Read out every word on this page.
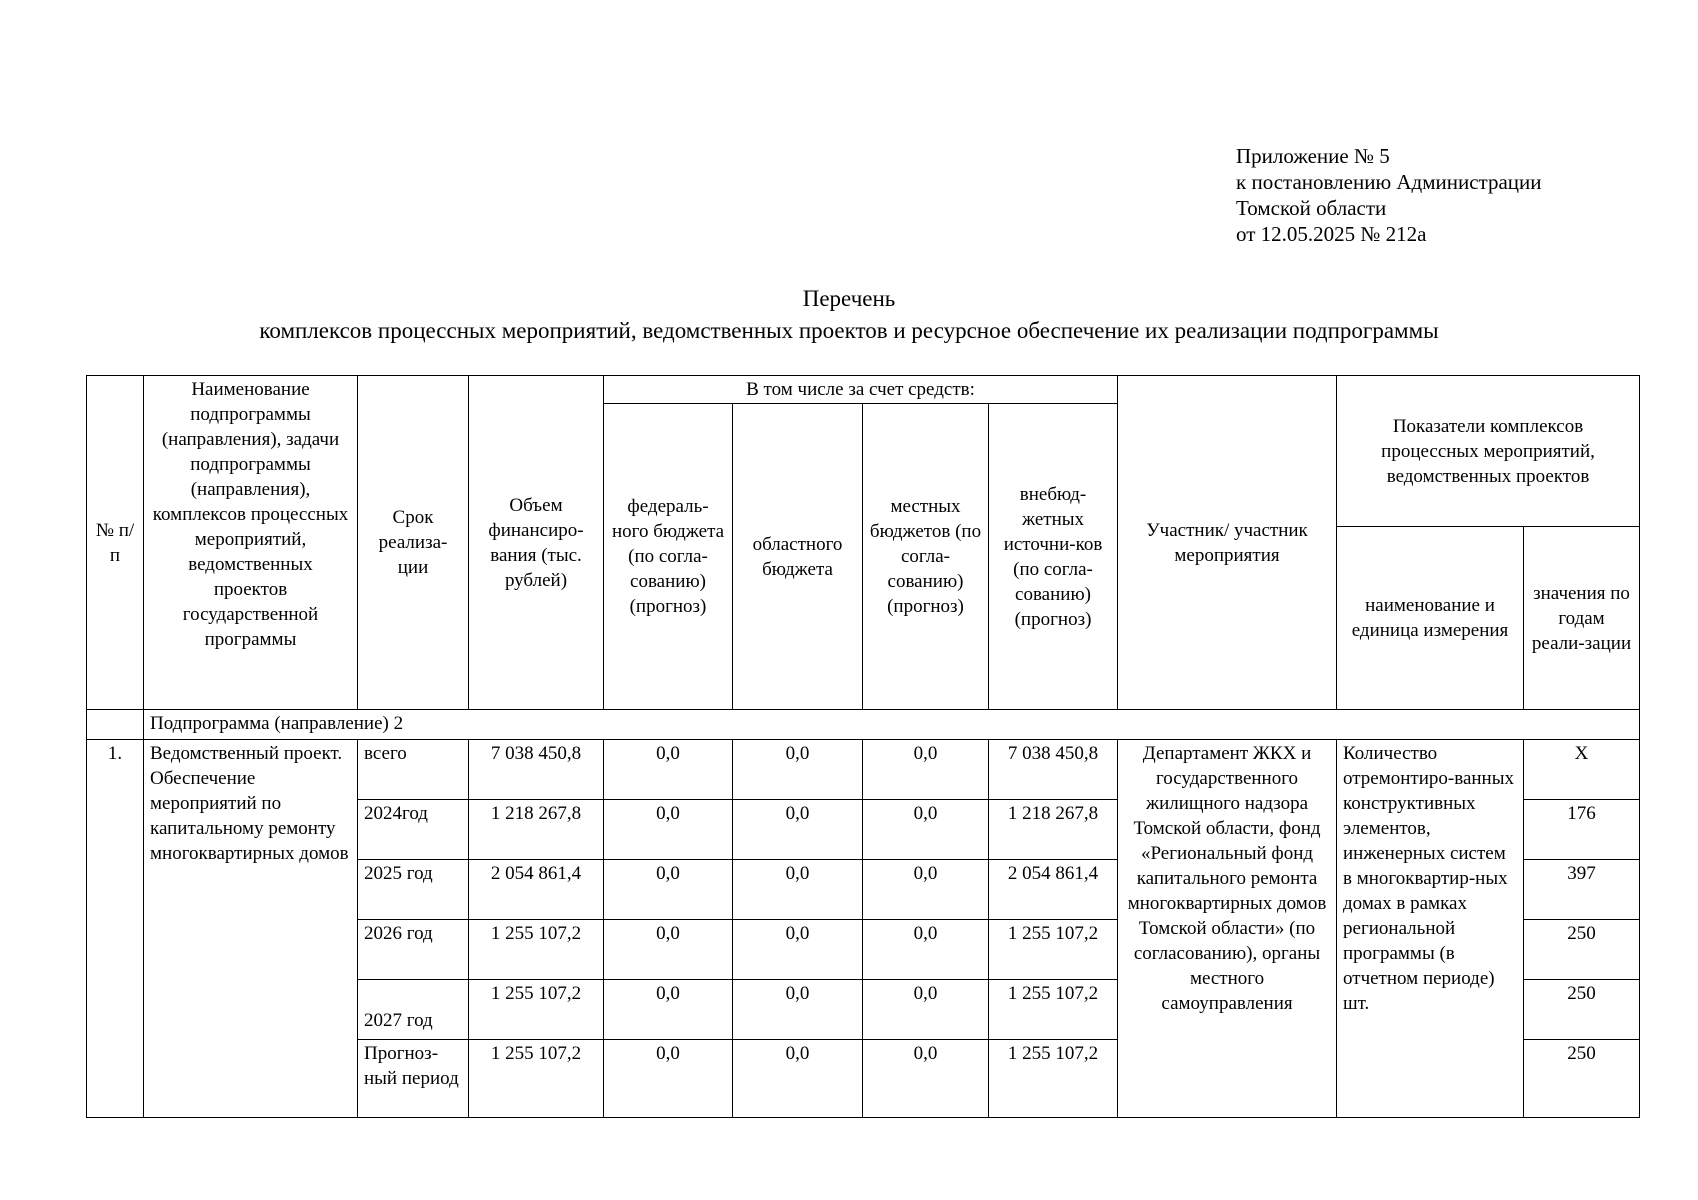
Приложение № 5
к постановлению Администрации
Томской области
от 12.05.2025 № 212а
Перечень
комплексов процессных мероприятий, ведомственных проектов и ресурсное обеспечение их реализации подпрограммы
№ п/п	Наименование подпрограммы (направления), задачи подпрограммы (направления), комплексов процессных мероприятий, ведомственных проектов государственной программы	Срок реализа-ции	Объем финансиро-вания (тыс. рублей)	В том числе за счет средств:				Участник/ участник мероприятия	Показатели комплексов процессных мероприятий, ведомственных проектов	
				федераль-ного бюджета (по согла-сованию) (прогноз)	областного бюджета	местных бюджетов (по согла-сованию) (прогноз)	внебюд-жетных источни-ков (по согла-сованию) (прогноз)			
									наименование и единица измерения	значения по годам реали-зации
	Подпрограмма (направление) 2									
1.	Ведомственный проект. Обеспечение мероприятий по капитальному ремонту многоквартирных домов	всего	7 038 450,8	0,0	0,0	0,0	7 038 450,8	Департамент ЖКХ и государственного жилищного надзора Томской области, фонд «Региональный фонд капитального ремонта многоквартирных домов Томской области» (по согласованию), органы местного самоуправления	Количество отремонтиро-ванных конструктивных элементов, инженерных систем в многоквартир-ных домах в рамках региональной программы (в отчетном периоде) шт.	Х
		2024год	1 218 267,8	0,0	0,0	0,0	1 218 267,8			176
		2025 год	2 054 861,4	0,0	0,0	0,0	2 054 861,4			397
		2026 год	1 255 107,2	0,0	0,0	0,0	1 255 107,2			250
		2027 год	1 255 107,2	0,0	0,0	0,0	1 255 107,2			250
		Прогноз-ный период	1 255 107,2	0,0	0,0	0,0	1 255 107,2			250
